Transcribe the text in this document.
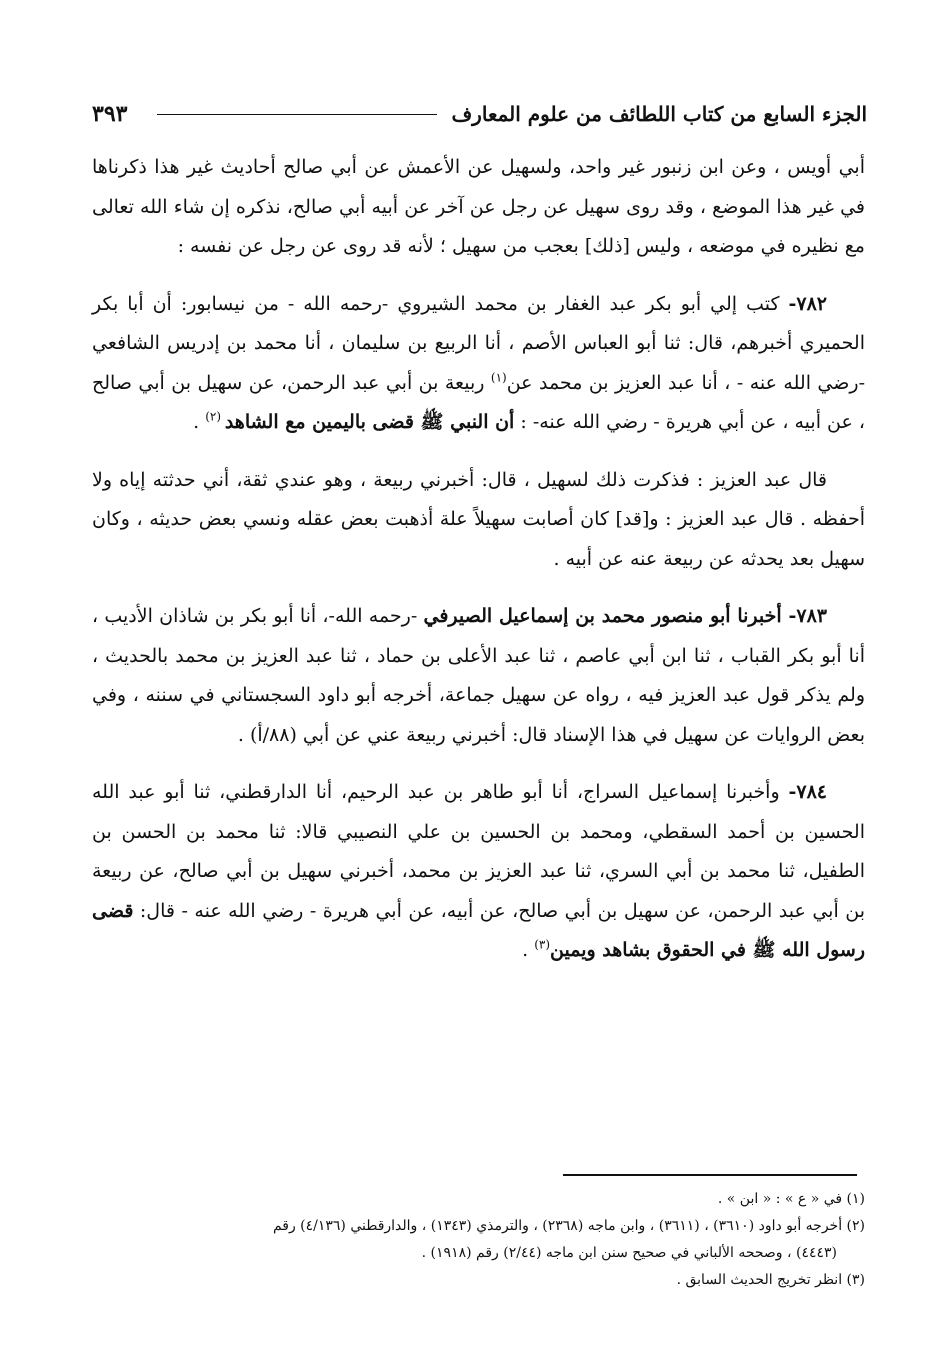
الجزء السابع من كتاب اللطائف من علوم المعارف
٣٩٣

أبي أويس ، وعن ابن زنبور غير واحد، ولسهيل عن الأعمش عن أبي صالح أحاديث غير هذا ذكرناها في غير هذا الموضع ، وقد روى سهيل عن رجل عن آخر عن أبيه أبي صالح، نذكره إن شاء الله تعالى مع نظيره في موضعه ، وليس [ذلك] بعجب من سهيل ؛ لأنه قد روى عن رجل عن نفسه :

٧٨٢- كتب إلي أبو بكر عبد الغفار بن محمد الشيروي -رحمه الله - من نيسابور: أن أبا بكر الحميري أخبرهم، قال: ثنا أبو العباس الأصم ، أنا الربيع بن سليمان ، أنا محمد بن إدريس الشافعي -رضي الله عنه - ، أنا عبد العزيز بن محمد عن$^{(١)}$ ربيعة بن أبي عبد الرحمن، عن سهيل بن أبي صالح ، عن أبيه ، عن أبي هريرة - رضي الله عنه- : أن النبي ﷺ قضى باليمين مع الشاهد $^{(٢)}$ .

قال عبد العزيز : فذكرت ذلك لسهيل ، قال: أخبرني ربيعة ، وهو عندي ثقة، أني حدثته إياه ولا أحفظه . قال عبد العزيز : و[قد] كان أصابت سهيلاً علة أذهبت بعض عقله ونسي بعض حديثه ، وكان سهيل بعد يحدثه عن ربيعة عنه عن أبيه .

٧٨٣- أخبرنا أبو منصور محمد بن إسماعيل الصيرفي -رحمه الله-، أنا أبو بكر بن شاذان الأديب ، أنا أبو بكر القباب ، ثنا ابن أبي عاصم ، ثنا عبد الأعلى بن حماد ، ثنا عبد العزيز بن محمد بالحديث ، ولم يذكر قول عبد العزيز فيه ، رواه عن سهيل جماعة، أخرجه أبو داود السجستاني في سننه ، وفي بعض الروايات عن سهيل في هذا الإسناد قال: أخبرني ربيعة عني عن أبي (٨٨/أ) .

٧٨٤- وأخبرنا إسماعيل السراج، أنا أبو طاهر بن عبد الرحيم، أنا الدارقطني، ثنا أبو عبد الله الحسين بن أحمد السقطي، ومحمد بن الحسين بن علي النصيبي قالا: ثنا محمد بن الحسن بن الطفيل، ثنا محمد بن أبي السري، ثنا عبد العزيز بن محمد، أخبرني سهيل بن أبي صالح، عن ربيعة بن أبي عبد الرحمن، عن سهيل بن أبي صالح، عن أبيه، عن أبي هريرة - رضي الله عنه - قال: قضى رسول الله ﷺ في الحقوق بشاهد ويمين$^{(٣)}$ .

(١) في « ع » : « ابن » .

(٢) أخرجه أبو داود (٣٦١٠) ، (٣٦١١) ، وابن ماجه (٢٣٦٨) ، والترمذي (١٣٤٣) ، والدارقطني (٤/١٣٦) رقم
(٤٤٤٣) ، وصححه الألباني في صحيح سنن ابن ماجه (٢/٤٤) رقم (١٩١٨) .

(٣) انظر تخريج الحديث السابق .
